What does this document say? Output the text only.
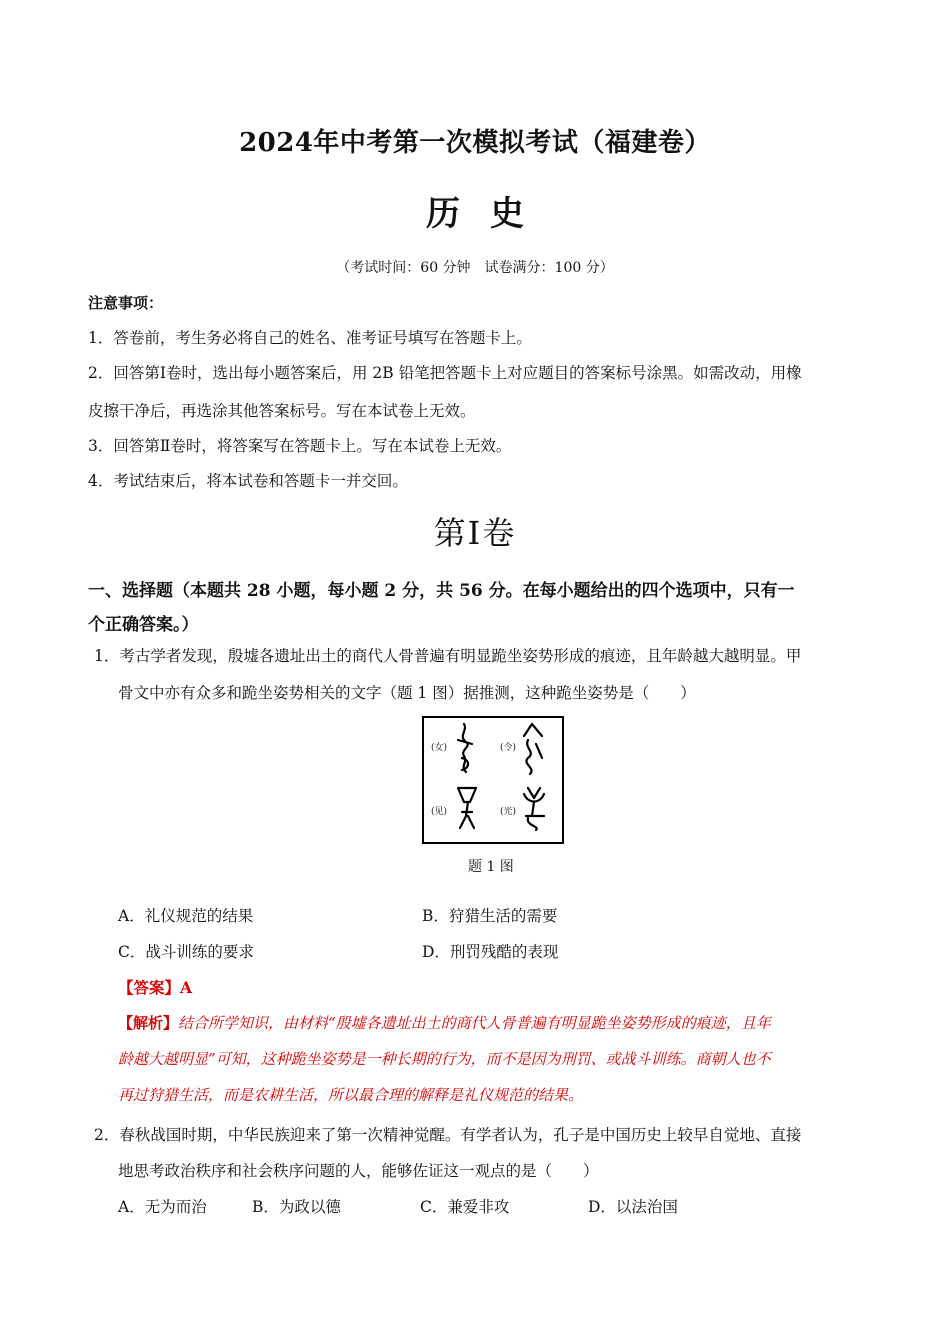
2024年中考第一次模拟考试（福建卷）
历史
（考试时间：60 分钟　试卷满分：100 分）
注意事项：
1．答卷前，考生务必将自己的姓名、准考证号填写在答题卡上。
2．回答第Ⅰ卷时，选出每小题答案后，用 2B 铅笔把答题卡上对应题目的答案标号涂黑。如需改动，用橡
皮擦干净后，再选涂其他答案标号。写在本试卷上无效。
3．回答第Ⅱ卷时，将答案写在答题卡上。写在本试卷上无效。
4．考试结束后，将本试卷和答题卡一并交回。
第Ⅰ卷
一、选择题（本题共 28 小题，每小题 2 分，共 56 分。在每小题给出的四个选项中，只有一
个正确答案。）
1．考古学者发现，殷墟各遗址出土的商代人骨普遍有明显跪坐姿势形成的痕迹，且年龄越大越明显。甲
骨文中亦有众多和跪坐姿势相关的文字（题 1 图）据推测，这种跪坐姿势是（　　）
(女)	(令)
(见)	(光)
题 1 图
A．礼仪规范的结果	B．狩猎生活的需要
C．战斗训练的要求	D．刑罚残酷的表现
【答案】A
【解析】结合所学知识，由材料“殷墟各遗址出土的商代人骨普遍有明显跪坐姿势形成的痕迹，且年
龄越大越明显”可知，这种跪坐姿势是一种长期的行为，而不是因为刑罚、或战斗训练。商朝人也不
再过狩猎生活，而是农耕生活，所以最合理的解释是礼仪规范的结果。
2．春秋战国时期，中华民族迎来了第一次精神觉醒。有学者认为，孔子是中国历史上较早自觉地、直接
地思考政治秩序和社会秩序问题的人，能够佐证这一观点的是（　　）
A．无为而治	B．为政以德	C．兼爱非攻	D．以法治国
